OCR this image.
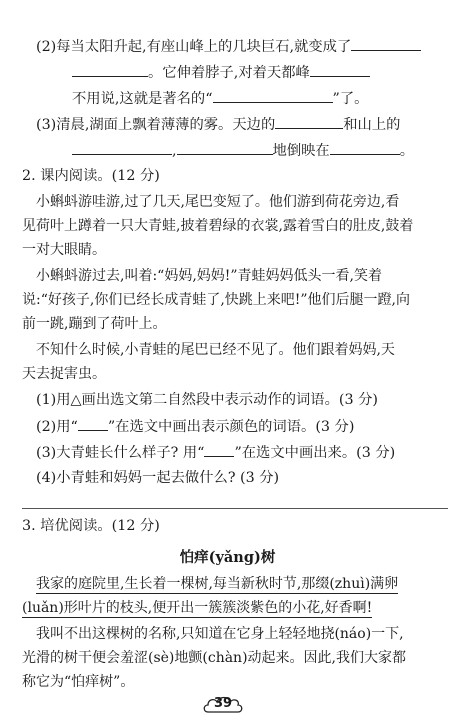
(2)每当太阳升起,有座山峰上的几块巨石,就变成了
。它伸着脖子,对着天都峰
不用说,这就是著名的“	”了。
(3)清晨,湖面上飘着薄薄的雾。天边的	和山上的
,	地倒映在	。
2. 课内阅读。(12 分)
小蝌蚪游哇游,过了几天,尾巴变短了。他们游到荷花旁边,看
见荷叶上蹲着一只大青蛙,披着碧绿的衣裳,露着雪白的肚皮,鼓着
一对大眼睛。
小蝌蚪游过去,叫着:“妈妈,妈妈!”青蛙妈妈低头一看,笑着
说:“好孩子,你们已经长成青蛙了,快跳上来吧!”他们后腿一蹬,向
前一跳,蹦到了荷叶上。
不知什么时候,小青蛙的尾巴已经不见了。他们跟着妈妈,天
天去捉害虫。
(1)用△画出选文第二自然段中表示动作的词语。(3 分)
(2)用“ ”在选文中画出表示颜色的词语。(3 分)
(3)大青蛙长什么样子? 用“ ”在选文中画出来。(3 分)
(4)小青蛙和妈妈一起去做什么? (3 分)
3. 培优阅读。(12 分)
怕痒(yǎng)树
我家的庭院里,生长着一棵树,每当新秋时节,那缀(zhuì)满卵
(luǎn)形叶片的枝头,便开出一簇簇淡紫色的小花,好香啊!
我叫不出这棵树的名称,只知道在它身上轻轻地挠(náo)一下,
光滑的树干便会羞涩(sè)地颤(chàn)动起来。因此,我们大家都
称它为“怕痒树”。
39
